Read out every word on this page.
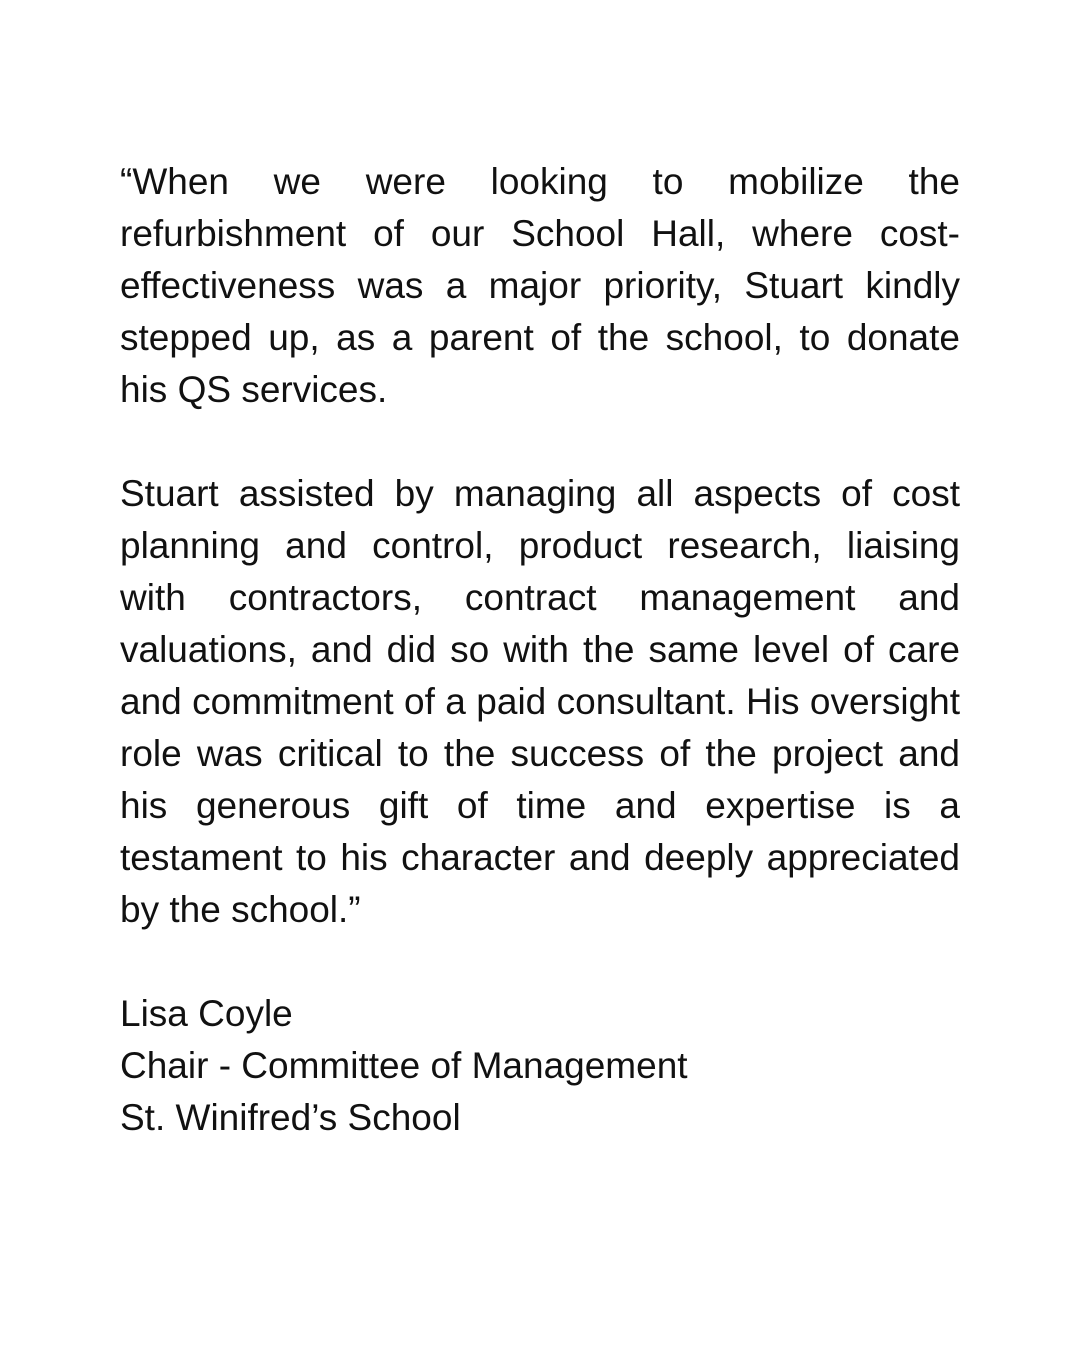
“When we were looking to mobilize the refurbishment of our School Hall, where cost-effectiveness was a major priority, Stuart kindly stepped up, as a parent of the school, to donate his QS services.

Stuart assisted by managing all aspects of cost planning and control, product research, liaising with contractors, contract management and valuations, and did so with the same level of care and commitment of a paid consultant. His oversight role was critical to the success of the project and his generous gift of time and expertise is a testament to his character and deeply appreciated by the school.”

Lisa Coyle
Chair - Committee of Management
St. Winifred’s School
